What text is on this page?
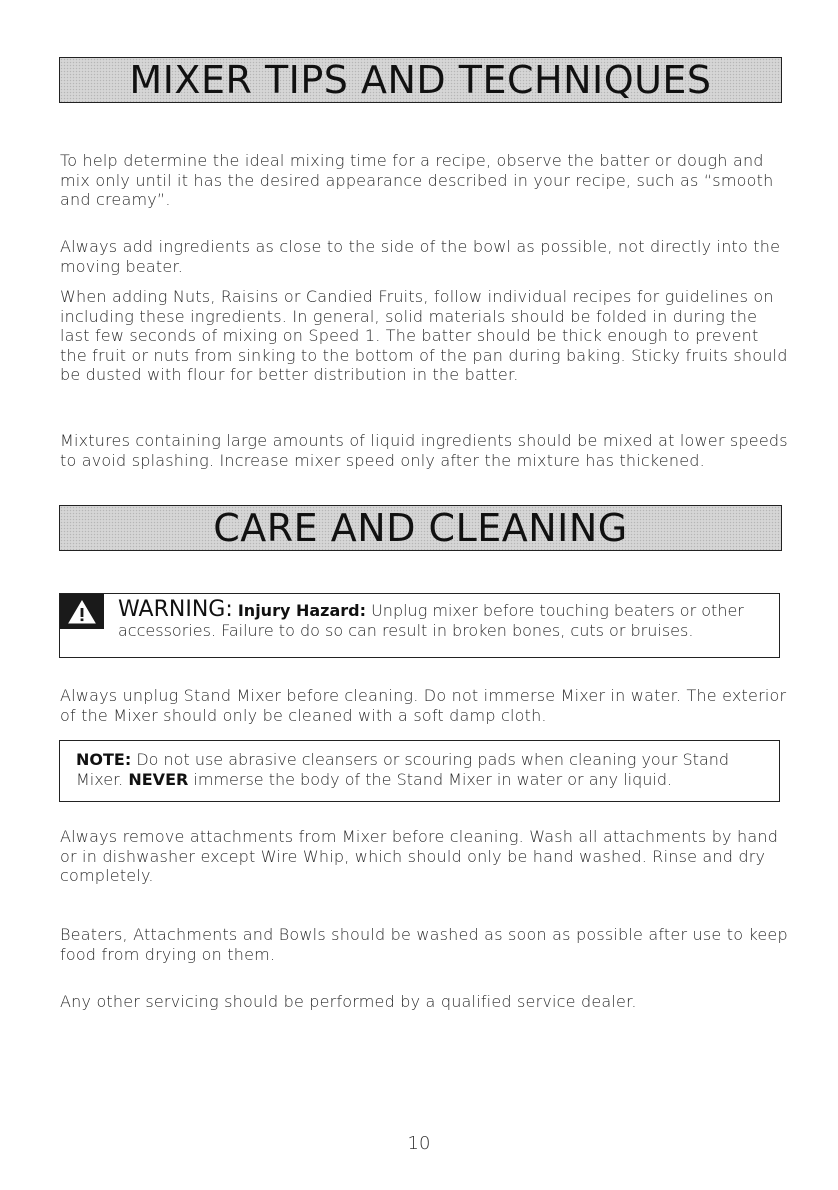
MIXER TIPS AND TECHNIQUES

To help determine the ideal mixing time for a recipe, observe the batter or dough and mix only until it has the desired appearance described in your recipe, such as “smooth and creamy”.

Always add ingredients as close to the side of the bowl as possible, not directly into the moving beater.

When adding Nuts, Raisins or Candied Fruits, follow individual recipes for guidelines on including these ingredients. In general, solid materials should be folded in during the last few seconds of mixing on Speed 1. The batter should be thick enough to prevent the fruit or nuts from sinking to the bottom of the pan during baking. Sticky fruits should be dusted with flour for better distribution in the batter.

Mixtures containing large amounts of liquid ingredients should be mixed at lower speeds to avoid splashing. Increase mixer speed only after the mixture has thickened.

CARE AND CLEANING
WARNING: Injury Hazard: Unplug mixer before touching beaters or other
accessories. Failure to do so can result in broken bones, cuts or bruises.

Always unplug Stand Mixer before cleaning. Do not immerse Mixer in water. The exterior of the Mixer should only be cleaned with a soft damp cloth.

NOTE: Do not use abrasive cleansers or scouring pads when cleaning your Stand Mixer. NEVER immerse the body of the Stand Mixer in water or any liquid.

Always remove attachments from Mixer before cleaning. Wash all attachments by hand or in dishwasher except Wire Whip, which should only be hand washed. Rinse and dry completely.

Beaters, Attachments and Bowls should be washed as soon as possible after use to keep food from drying on them.

Any other servicing should be performed by a qualified service dealer.

10
